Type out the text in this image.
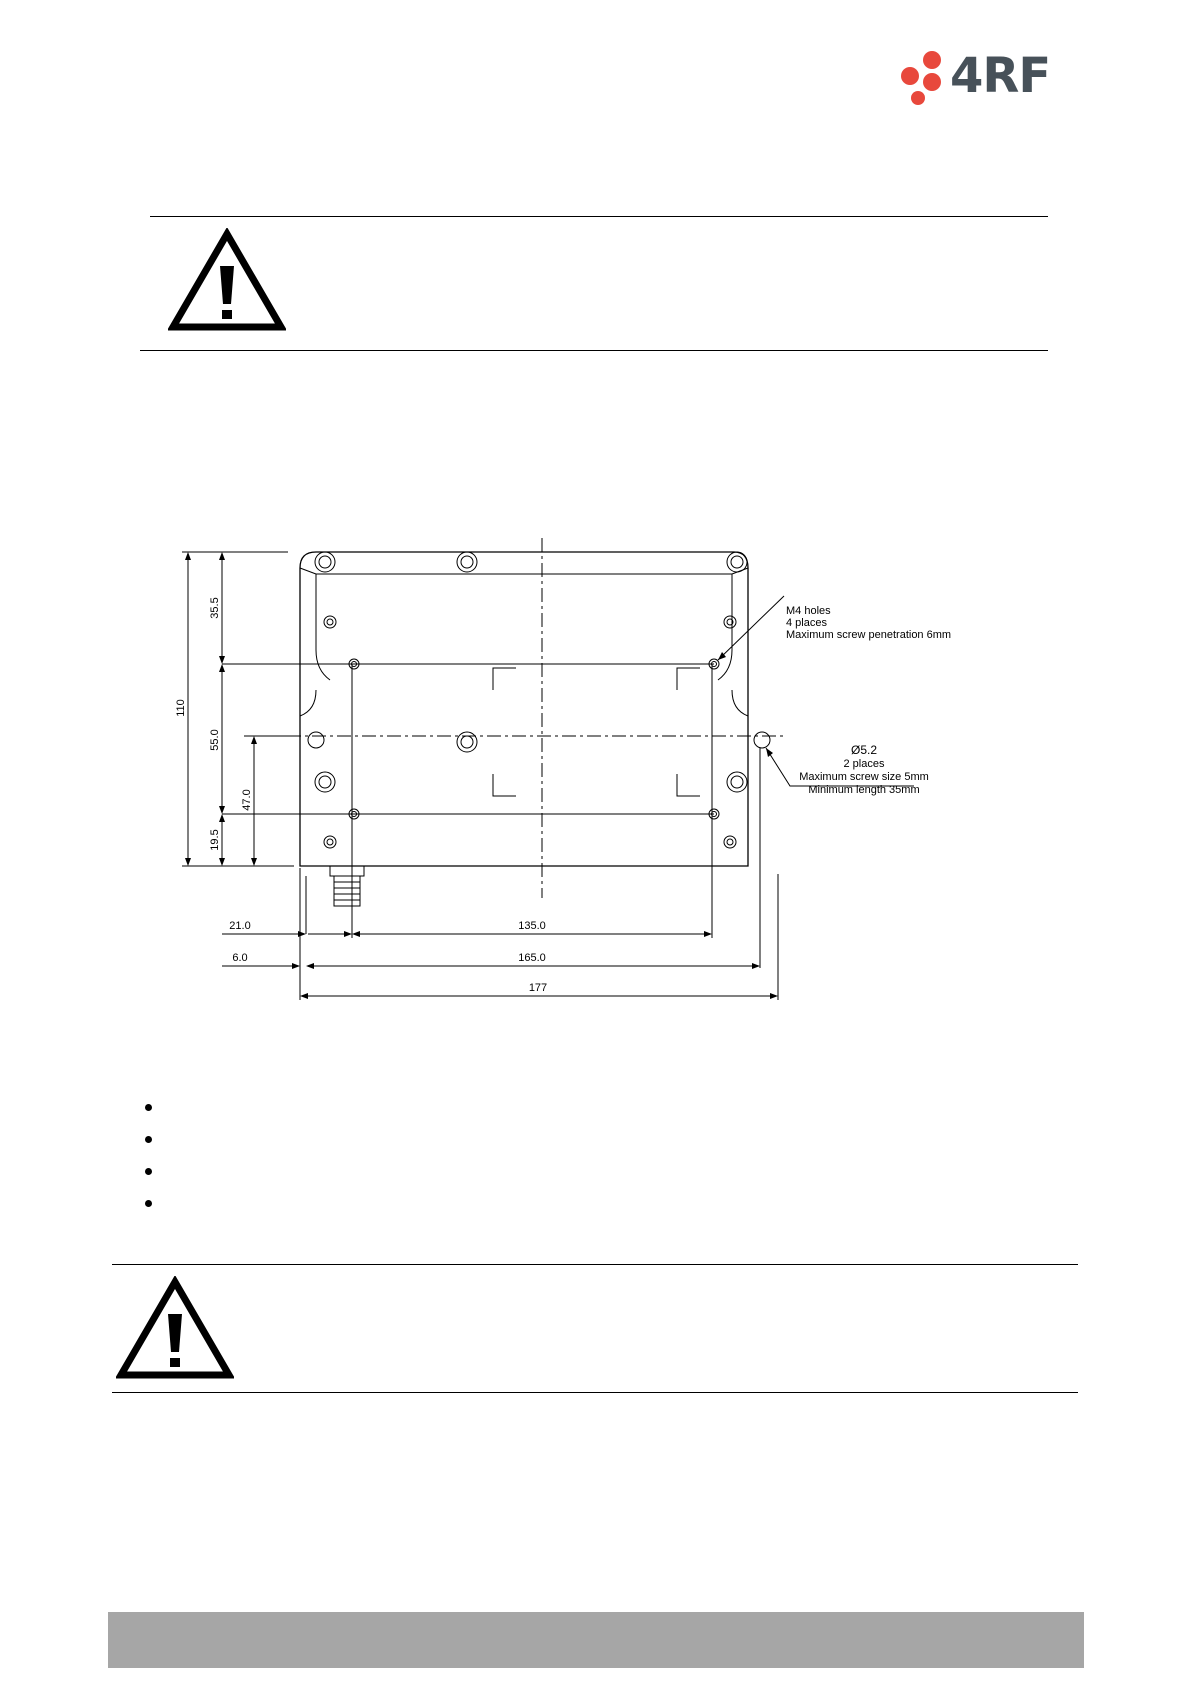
4RF
110
35.5
55.0
19.5
47.0
21.0	135.0
6.0	165.0
177
M4 holes
4 places
Maximum screw penetration 6mm
Ø5.2
2 places
Maximum screw size 5mm
Minimum length 35mm
